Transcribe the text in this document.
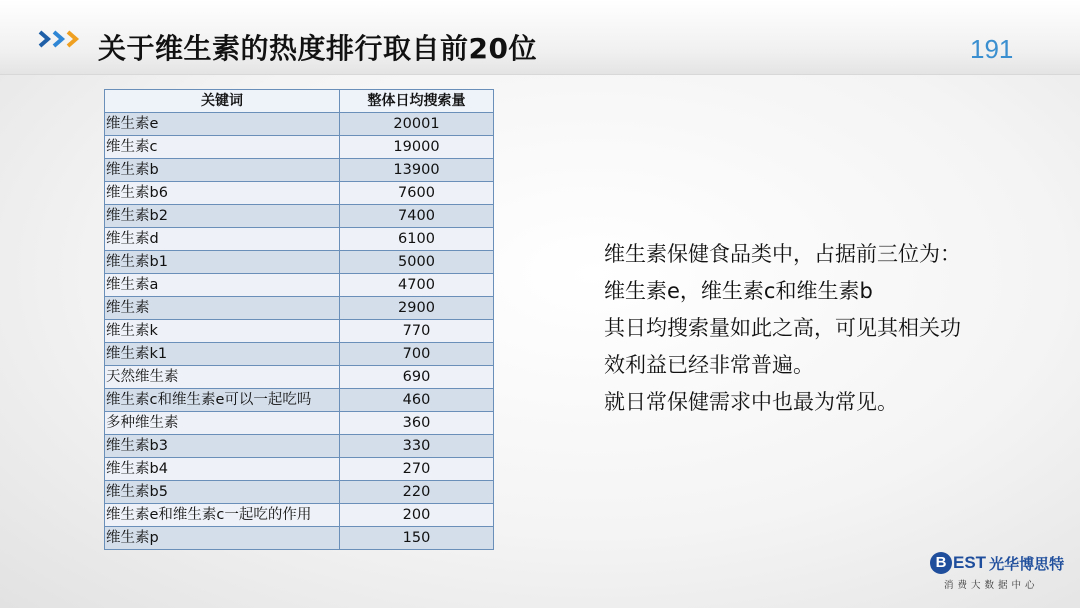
关于维生素的热度排行取自前20位	191
关键词	整体日均搜索量
维生素e	20001
维生素c	19000
维生素b	13900
维生素b6	7600
维生素b2	7400
维生素d	6100
维生素b1	5000
维生素a	4700
维生素	2900
维生素k	770
维生素k1	700
天然维生素	690
维生素c和维生素e可以一起吃吗	460
多种维生素	360
维生素b3	330
维生素b4	270
维生素b5	220
维生素e和维生素c一起吃的作用	200
维生素p	150

维生素保健食品类中，占据前三位为：

维生素e，维生素c和维生素b

其日均搜索量如此之高，可见其相关功效利益已经非常普遍。

就日常保健需求中也最为常见。

B EST 光华博思特
消费大数据中心
